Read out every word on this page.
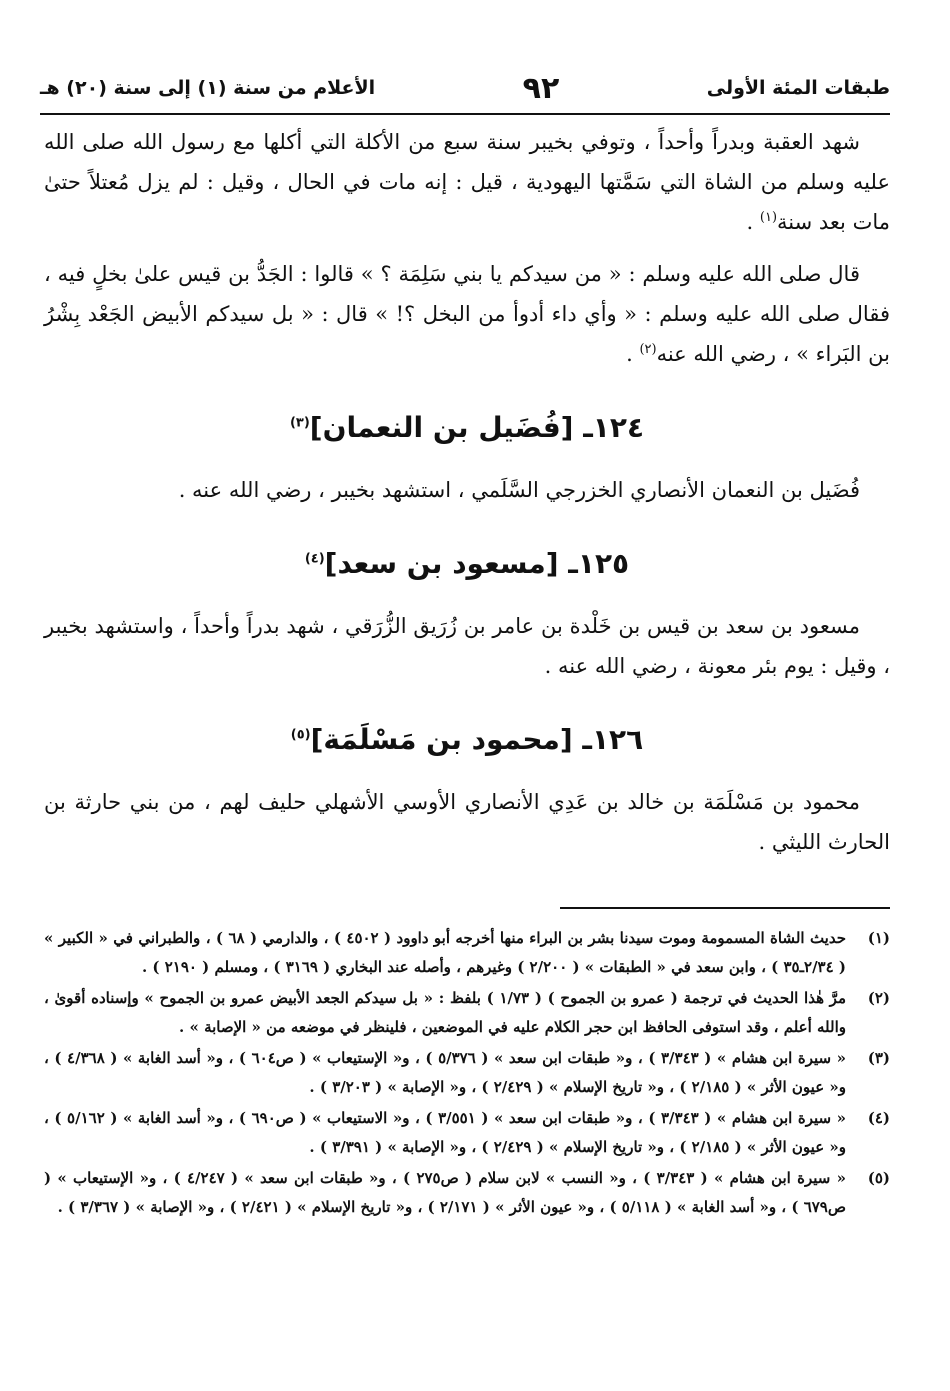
طبقات المئة الأولى
٩٢
الأعلام من سنة (١) إلى سنة (٢٠) هـ

شهد العقبة وبدراً وأحداً ، وتوفي بخيبر سنة سبع من الأكلة التي أكلها مع رسول الله صلى الله عليه وسلم من الشاة التي سَمَّتها اليهودية ، قيل : إنه مات في الحال ، وقيل : لم يزل مُعتلاً حتىٰ مات بعد سنة$^{(١)}$ .

قال صلى الله عليه وسلم : « من سيدكم يا بني سَلِمَة ؟ » قالوا : الجَدُّ بن قيس علىٰ بخلٍ فيه ، فقال صلى الله عليه وسلم : « وأي داء أدوأ من البخل ؟! » قال : « بل سيدكم الأبيض الجَعْد بِشْرُ بن البَراء » ، رضي الله عنه$^{(٢)}$ .

١٢٤ـ [فُضَيل بن النعمان]$^{(٣)}$

فُضَيل بن النعمان الأنصاري الخزرجي السَّلَمي ، استشهد بخيبر ، رضي الله عنه .

١٢٥ـ [مسعود بن سعد]$^{(٤)}$

مسعود بن سعد بن قيس بن خَلْدة بن عامر بن زُرَيق الزُّرَقي ، شهد بدراً وأحداً ، واستشهد بخيبر ، وقيل : يوم بئر معونة ، رضي الله عنه .

١٢٦ـ [محمود بن مَسْلَمَة]$^{(٥)}$

محمود بن مَسْلَمَة بن خالد بن عَدِي الأنصاري الأوسي الأشهلي حليف لهم ، من بني حارثة بن الحارث الليثي .

(١)
حديث الشاة المسمومة وموت سيدنا بشر بن البراء منها أخرجه أبو داوود ( ٤٥٠٢ ) ، والدارمي ( ٦٨ ) ، والطبراني في « الكبير » ( ٢/٣٤ـ٣٥ ) ، وابن سعد في « الطبقات » ( ٢/٢٠٠ ) وغيرهم ، وأصله عند البخاري ( ٣١٦٩ ) ، ومسلم ( ٢١٩٠ ) .
(٢)
مرَّ هٰذا الحديث في ترجمة ( عمرو بن الجموح ) ( ١/٧٣ ) بلفظ : « بل سيدكم الجعد الأبيض عمرو بن الجموح » وإسناده أقوىٰ ، والله أعلم ، وقد استوفى الحافظ ابن حجر الكلام عليه في الموضعين ، فلينظر في موضعه من « الإصابة » .
(٣)
« سيرة ابن هشام » ( ٣/٣٤٣ ) ، و« طبقات ابن سعد » ( ٥/٣٧٦ ) ، و« الإستيعاب » ( ص٦٠٤ ) ، و« أسد الغابة » ( ٤/٣٦٨ ) ، و« عيون الأثر » ( ٢/١٨٥ ) ، و« تاريخ الإسلام » ( ٢/٤٢٩ ) ، و« الإصابة » ( ٣/٢٠٣ ) .
(٤)
« سيرة ابن هشام » ( ٣/٣٤٣ ) ، و« طبقات ابن سعد » ( ٣/٥٥١ ) ، و« الاستيعاب » ( ص٦٩٠ ) ، و« أسد الغابة » ( ٥/١٦٢ ) ، و« عيون الأثر » ( ٢/١٨٥ ) ، و« تاريخ الإسلام » ( ٢/٤٢٩ ) ، و« الإصابة » ( ٣/٣٩١ ) .
(٥)
« سيرة ابن هشام » ( ٣/٣٤٣ ) ، و« النسب » لابن سلام ( ص٢٧٥ ) ، و« طبقات ابن سعد » ( ٤/٢٤٧ ) ، و« الإستيعاب » ( ص٦٧٩ ) ، و« أسد الغابة » ( ٥/١١٨ ) ، و« عيون الأثر » ( ٢/١٧١ ) ، و« تاريخ الإسلام » ( ٢/٤٢١ ) ، و« الإصابة » ( ٣/٣٦٧ ) .
